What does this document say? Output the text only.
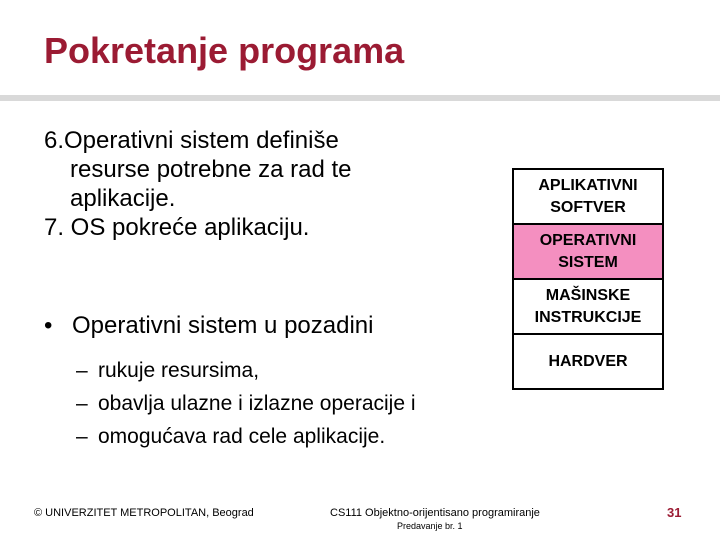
Pokretanje programa
6.Operativni sistem definiše
resurse potrebne za rad te
aplikacije.
7. OS pokreće aplikaciju.
• Operativni sistem u pozadini
– rukuje resursima,
– obavlja ulazne i izlazne operacije i
– omogućava rad cele aplikacije.
APLIKATIVNI
SOFTVER
OPERATIVNI
SISTEM
MAŠINSKE
INSTRUKCIJE
HARDVER
© UNIVERZITET METROPOLITAN, Beograd	CS111 Objektno-orijentisano programiranje
Predavanje br. 1
31
